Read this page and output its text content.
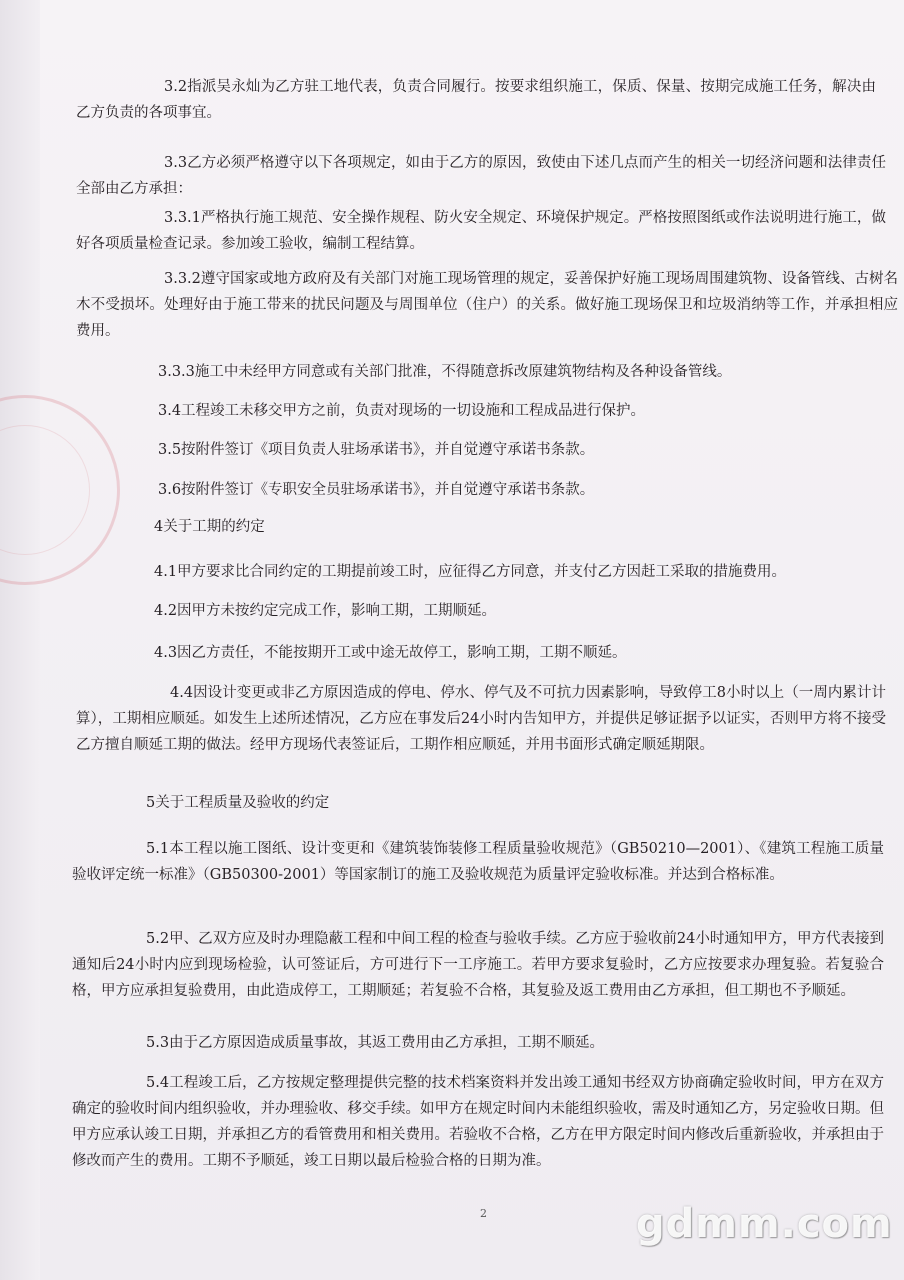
3.2指派吴永灿为乙方驻工地代表，负责合同履行。按要求组织施工，保质、保量、按期完成施工任务，解决由乙方负责的各项事宜。

3.3乙方必须严格遵守以下各项规定，如由于乙方的原因，致使由下述几点而产生的相关一切经济问题和法律责任全部由乙方承担：

3.3.1严格执行施工规范、安全操作规程、防火安全规定、环境保护规定。严格按照图纸或作法说明进行施工，做好各项质量检查记录。参加竣工验收，编制工程结算。

3.3.2遵守国家或地方政府及有关部门对施工现场管理的规定，妥善保护好施工现场周围建筑物、设备管线、古树名木不受损坏。处理好由于施工带来的扰民问题及与周围单位（住户）的关系。做好施工现场保卫和垃圾消纳等工作，并承担相应费用。

3.3.3施工中未经甲方同意或有关部门批准，不得随意拆改原建筑物结构及各种设备管线。

3.4工程竣工未移交甲方之前，负责对现场的一切设施和工程成品进行保护。

3.5按附件签订《项目负责人驻场承诺书》，并自觉遵守承诺书条款。

3.6按附件签订《专职安全员驻场承诺书》，并自觉遵守承诺书条款。

4关于工期的约定

4.1甲方要求比合同约定的工期提前竣工时，应征得乙方同意，并支付乙方因赶工采取的措施费用。

4.2因甲方未按约定完成工作，影响工期，工期顺延。

4.3因乙方责任，不能按期开工或中途无故停工，影响工期，工期不顺延。

4.4因设计变更或非乙方原因造成的停电、停水、停气及不可抗力因素影响，导致停工8小时以上（一周内累计计算），工期相应顺延。如发生上述所述情况，乙方应在事发后24小时内告知甲方，并提供足够证据予以证实，否则甲方将不接受乙方擅自顺延工期的做法。经甲方现场代表签证后，工期作相应顺延，并用书面形式确定顺延期限。

5关于工程质量及验收的约定

5.1本工程以施工图纸、设计变更和《建筑装饰装修工程质量验收规范》（GB50210—2001）、《建筑工程施工质量验收评定统一标准》（GB50300-2001）等国家制订的施工及验收规范为质量评定验收标准。并达到合格标准。

5.2甲、乙双方应及时办理隐蔽工程和中间工程的检查与验收手续。乙方应于验收前24小时通知甲方，甲方代表接到通知后24小时内应到现场检验，认可签证后，方可进行下一工序施工。若甲方要求复验时，乙方应按要求办理复验。若复验合格，甲方应承担复验费用，由此造成停工，工期顺延；若复验不合格，其复验及返工费用由乙方承担，但工期也不予顺延。

5.3由于乙方原因造成质量事故，其返工费用由乙方承担，工期不顺延。

5.4工程竣工后，乙方按规定整理提供完整的技术档案资料并发出竣工通知书经双方协商确定验收时间，甲方在双方确定的验收时间内组织验收，并办理验收、移交手续。如甲方在规定时间内未能组织验收，需及时通知乙方，另定验收日期。但甲方应承认竣工日期，并承担乙方的看管费用和相关费用。若验收不合格，乙方在甲方限定时间内修改后重新验收，并承担由于修改而产生的费用。工期不予顺延，竣工日期以最后检验合格的日期为准。

2	gdmm.com
